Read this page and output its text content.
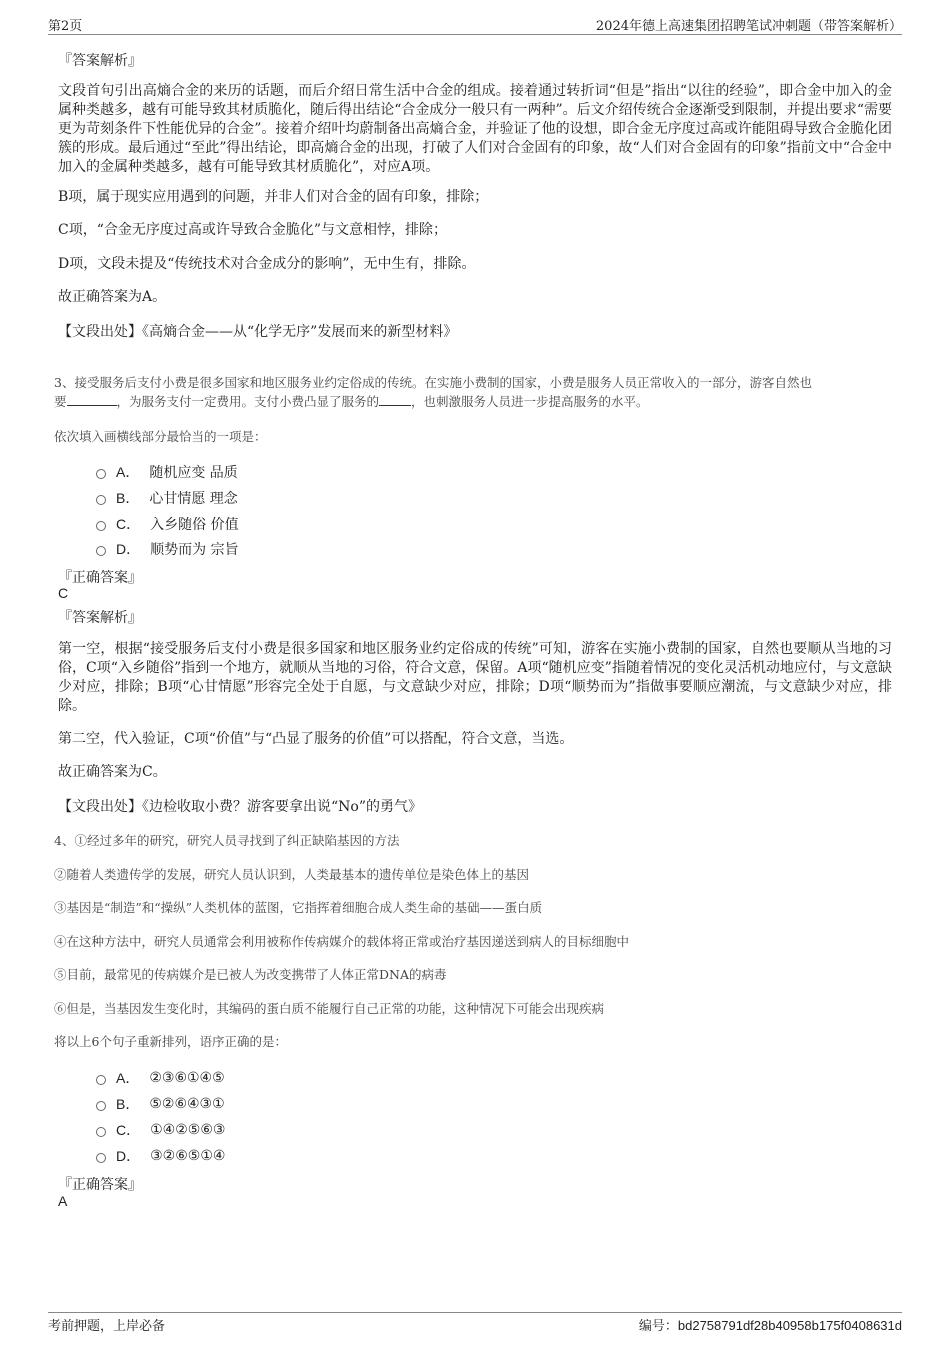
第2页	2024年德上高速集团招聘笔试冲刺题（带答案解析）
『答案解析』
文段首句引出高熵合金的来历的话题，而后介绍日常生活中合金的组成。接着通过转折词“但是”指出“以往的经验”，即合金中加入的金属种类越多，越有可能导致其材质脆化，随后得出结论“合金成分一般只有一两种”。后文介绍传统合金逐渐受到限制，并提出要求“需要更为苛刻条件下性能优异的合金”。接着介绍叶均蔚制备出高熵合金，并验证了他的设想，即合金无序度过高或许能阻碍导致合金脆化团簇的形成。最后通过“至此”得出结论，即高熵合金的出现，打破了人们对合金固有的印象，故“人们对合金固有的印象”指前文中“合金中加入的金属种类越多，越有可能导致其材质脆化”，对应A项。
B项，属于现实应用遇到的问题，并非人们对合金的固有印象，排除；
C项，“合金无序度过高或许导致合金脆化”与文意相悖，排除；
D项，文段未提及“传统技术对合金成分的影响”，无中生有，排除。
故正确答案为A。
【文段出处】《高熵合金——从“化学无序”发展而来的新型材料》
3、接受服务后支付小费是很多国家和地区服务业约定俗成的传统。在实施小费制的国家，小费是服务人员正常收入的一部分，游客自然也
要	，为服务支付一定费用。支付小费凸显了服务的	，也刺激服务人员进一步提高服务的水平。
依次填入画横线部分最恰当的一项是：
A． 随机应变 品质
B． 心甘情愿 理念
C． 入乡随俗 价值
D． 顺势而为 宗旨
『正确答案』
C
『答案解析』
第一空，根据“接受服务后支付小费是很多国家和地区服务业约定俗成的传统”可知，游客在实施小费制的国家，自然也要顺从当地的习俗，C项“入乡随俗”指到一个地方，就顺从当地的习俗，符合文意，保留。A项“随机应变”指随着情况的变化灵活机动地应付，与文意缺少对应，排除；B项“心甘情愿”形容完全处于自愿，与文意缺少对应，排除；D项“顺势而为”指做事要顺应潮流，与文意缺少对应，排除。
第二空，代入验证，C项“价值”与“凸显了服务的价值”可以搭配，符合文意，当选。
故正确答案为C。
【文段出处】《边检收取小费？游客要拿出说“No”的勇气》
4、①经过多年的研究，研究人员寻找到了纠正缺陷基因的方法
②随着人类遗传学的发展，研究人员认识到，人类最基本的遗传单位是染色体上的基因
③基因是“制造”和“操纵”人类机体的蓝图，它指挥着细胞合成人类生命的基础——蛋白质
④在这种方法中，研究人员通常会利用被称作传病媒介的载体将正常或治疗基因递送到病人的目标细胞中
⑤目前，最常见的传病媒介是已被人为改变携带了人体正常DNA的病毒
⑥但是，当基因发生变化时，其编码的蛋白质不能履行自己正常的功能，这种情况下可能会出现疾病
将以上6个句子重新排列，语序正确的是：
A． ②③⑥①④⑤
B． ⑤②⑥④③①
C． ①④②⑤⑥③
D． ③②⑥⑤①④
『正确答案』
A
考前押题，上岸必备	编号：bd2758791df28b40958b175f0408631d
